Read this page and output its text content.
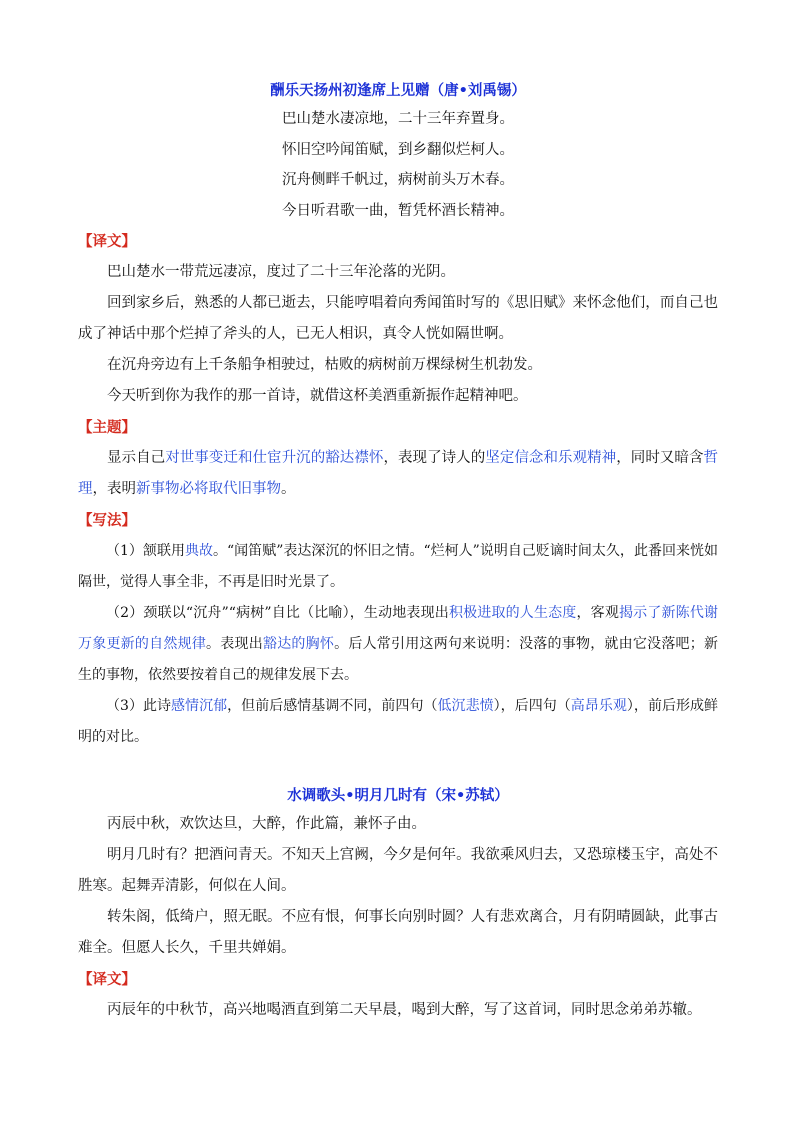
酬乐天扬州初逢席上见赠（唐•刘禹锡）
巴山楚水凄凉地，二十三年弃置身。
怀旧空吟闻笛赋，到乡翻似烂柯人。
沉舟侧畔千帆过，病树前头万木春。
今日听君歌一曲，暂凭杯酒长精神。
【译文】

巴山楚水一带荒远凄凉，度过了二十三年沦落的光阴。

回到家乡后，熟悉的人都已逝去，只能哼唱着向秀闻笛时写的《思旧赋》来怀念他们，而自己也成了神话中那个烂掉了斧头的人，已无人相识，真令人恍如隔世啊。

在沉舟旁边有上千条船争相驶过，枯败的病树前万棵绿树生机勃发。

今天听到你为我作的那一首诗，就借这杯美酒重新振作起精神吧。

【主题】

显示自己对世事变迁和仕宦升沉的豁达襟怀，表现了诗人的坚定信念和乐观精神，同时又暗含哲理，表明新事物必将取代旧事物。

【写法】

（1）颔联用典故。“闻笛赋”表达深沉的怀旧之情。“烂柯人”说明自己贬谪时间太久，此番回来恍如隔世，觉得人事全非，不再是旧时光景了。

（2）颈联以“沉舟”“病树”自比（比喻），生动地表现出积极进取的人生态度，客观揭示了新陈代谢万象更新的自然规律。表现出豁达的胸怀。后人常引用这两句来说明：没落的事物，就由它没落吧；新生的事物，依然要按着自己的规律发展下去。

（3）此诗感情沉郁，但前后感情基调不同，前四句（低沉悲愤），后四句（高昂乐观），前后形成鲜明的对比。

水调歌头•明月几时有（宋•苏轼）

丙辰中秋，欢饮达旦，大醉，作此篇，兼怀子由。

明月几时有？把酒问青天。不知天上宫阙，今夕是何年。我欲乘风归去，又恐琼楼玉宇，高处不胜寒。起舞弄清影，何似在人间。

转朱阁，低绮户，照无眠。不应有恨，何事长向别时圆？人有悲欢离合，月有阴晴圆缺，此事古难全。但愿人长久，千里共婵娟。

【译文】

丙辰年的中秋节，高兴地喝酒直到第二天早晨，喝到大醉，写了这首词，同时思念弟弟苏辙。
